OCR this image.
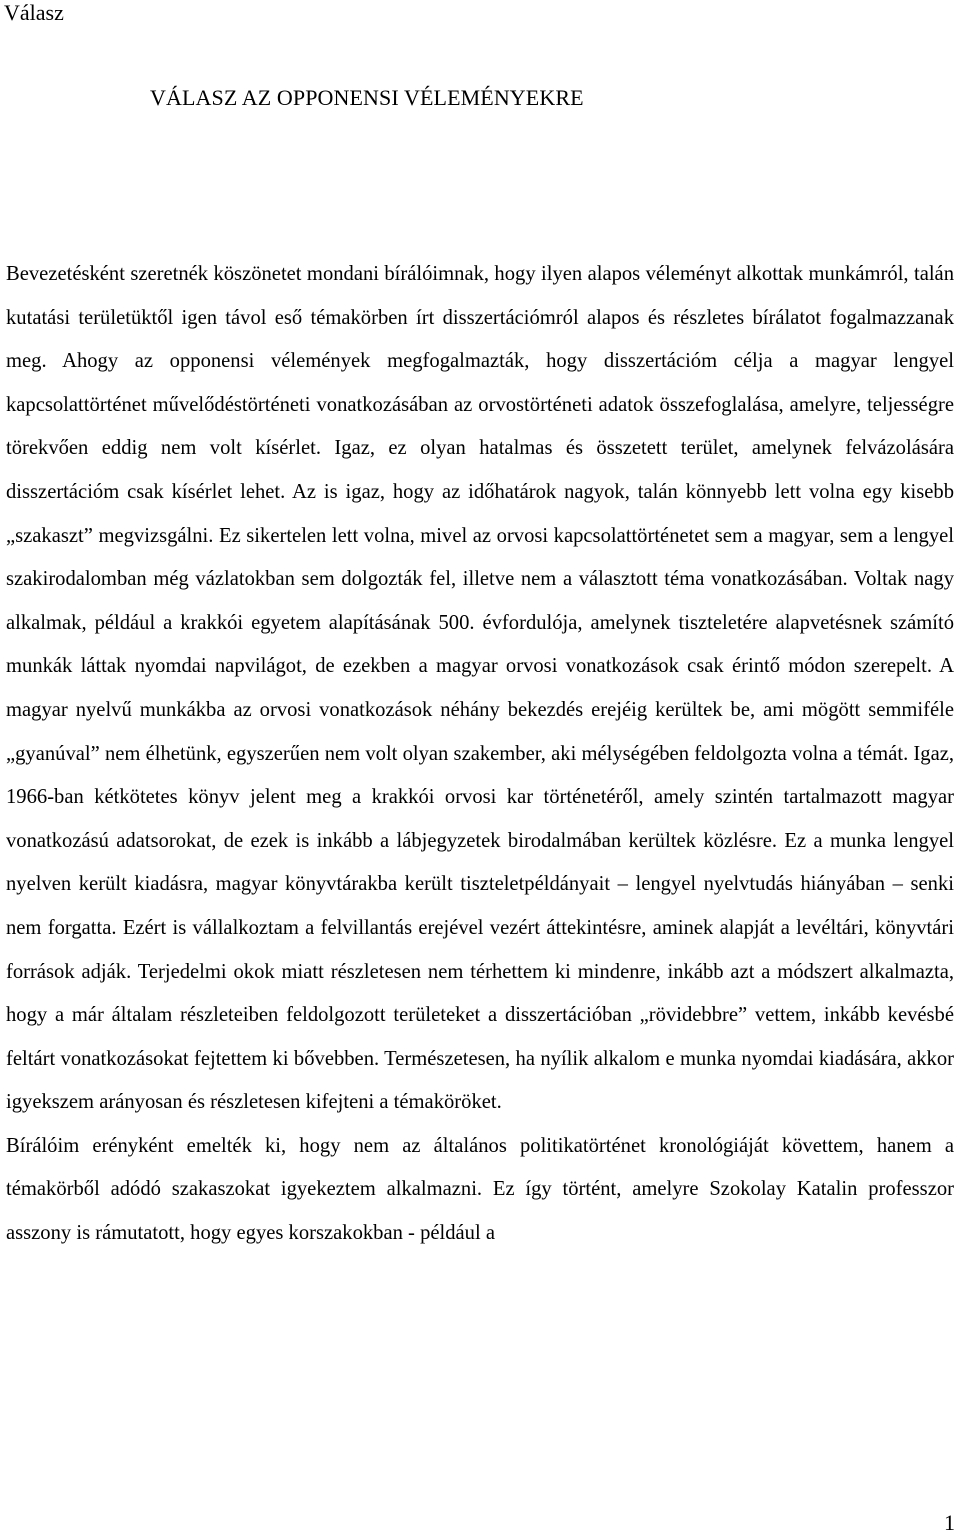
Válasz
VÁLASZ AZ OPPONENSI VÉLEMÉNYEKRE

Bevezetésként szeretnék köszönetet mondani bírálóimnak, hogy ilyen alapos véleményt alkottak munkámról, talán kutatási területüktől igen távol eső témakörben írt disszertációmról alapos és részletes bírálatot fogalmazzanak meg. Ahogy az opponensi vélemények megfogalmazták, hogy disszertációm célja a magyar lengyel kapcsolattörténet művelődéstörténeti vonatkozásában az orvostörténeti adatok összefoglalása, amelyre, teljességre törekvően eddig nem volt kísérlet. Igaz, ez olyan hatalmas és összetett terület, amelynek felvázolására disszertációm csak kísérlet lehet. Az is igaz, hogy az időhatárok nagyok, talán könnyebb lett volna egy kisebb „szakaszt” megvizsgálni. Ez sikertelen lett volna, mivel az orvosi kapcsolattörténetet sem a magyar, sem a lengyel szakirodalomban még vázlatokban sem dolgozták fel, illetve nem a választott téma vonatkozásában. Voltak nagy alkalmak, például a krakkói egyetem alapításának 500. évfordulója, amelynek tiszteletére alapvetésnek számító munkák láttak nyomdai napvilágot, de ezekben a magyar orvosi vonatkozások csak érintő módon szerepelt. A magyar nyelvű munkákba az orvosi vonatkozások néhány bekezdés erejéig kerültek be, ami mögött semmiféle „gyanúval” nem élhetünk, egyszerűen nem volt olyan szakember, aki mélységében feldolgozta volna a témát. Igaz, 1966-ban kétkötetes könyv jelent meg a krakkói orvosi kar történetéről, amely szintén tartalmazott magyar vonatkozású adatsorokat, de ezek is inkább a lábjegyzetek birodalmában kerültek közlésre. Ez a munka lengyel nyelven került kiadásra, magyar könyvtárakba került tiszteletpéldányait – lengyel nyelvtudás hiányában – senki nem forgatta. Ezért is vállalkoztam a felvillantás erejével vezért áttekintésre, aminek alapját a levéltári, könyvtári források adják. Terjedelmi okok miatt részletesen nem térhettem ki mindenre, inkább azt a módszert alkalmazta, hogy a már általam részleteiben feldolgozott területeket a disszertációban „rövidebbre” vettem, inkább kevésbé feltárt vonatkozásokat fejtettem ki bővebben. Természetesen, ha nyílik alkalom e munka nyomdai kiadására, akkor igyekszem arányosan és részletesen kifejteni a témaköröket.

Bírálóim erényként emelték ki, hogy nem az általános politikatörténet kronológiáját követtem, hanem a témakörből adódó szakaszokat igyekeztem alkalmazni. Ez így történt, amelyre Szokolay Katalin professzor asszony is rámutatott, hogy egyes korszakokban - például a

1
